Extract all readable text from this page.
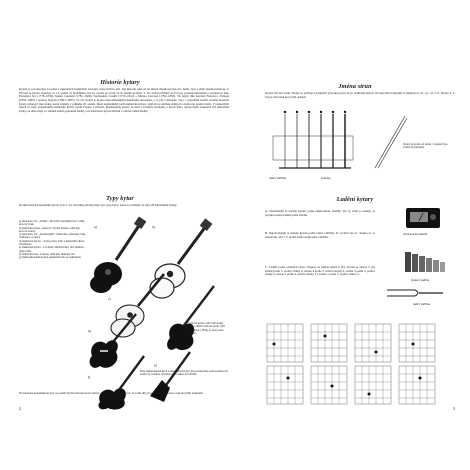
Historie kytary
Kytara je považována za jeden z nejstarších hudebních nástrojů, které lidstvo zná. Její historie sahá až do dávné minulosti přes tzv. lutnu, lyru a další strunné nástroje. V Evropě se kytara objevuje ve 13. století ve Španělsku. Od 16. století se vyvíjí až do dnešní podoby. V 19. století přichází do Evropy proslulí skladatelé a virtuózové jako Fernando Sor (1778–1839), Mauro Giuliani (1781–1829), Ferdinando Carulli (1770–1841) a Matteo Carcassi (1792–1853). Na jejich díla navázal Francisco Tárrega (1852–1909) a Andrés Segovia (1893–1987). Ve 20. století je kytara nejrozšířenějším hudebním nástrojem, a to jak v klasické, tak i v populární hudbě. Kromě klasické kytary existují i jiné druhy, které vznikly v průběhu 20. století. Mezi nejznámější patří elektrická kytara, jejíž tón je snímán snímači a zesilován zesilovačem. V padesátých letech se staly populárními elektrické kytary firem Fender a Gibson. Rozlišujeme kytary se šesti i dvanácti strunami, s kovovými i nylonovými strunami. Na elektrické kytary se dnes hraje ve většině žánrů populární hudby a na klasickou kytaru hlavně v oblasti vážné hudby.
Typy kytar
Kromě klasické španělské kytary (viz 2. str. obrázku) existují dnes tyto typy kytar, které se rozlišují od sebe 28 základními znaky:
a) akustická, tzv. „Jumbo". Má větší a kulatější tvar a silný kovový zvuk.
b) akustická kytara „folková". Kratší strunu a užší krk, kovové struny.
c) akustická, tzv. „dreadnought". Velké tělo, průrazný zvuk, oblíbená v country.
d) elektrická kytara – Stratocaster. Tělo z masivního dřeva, tři snímače.
e) elektrická kytara – Les Paul. Masivní tělo, dva snímače, teplý zvuk.
f) elektrická basa. 4 struny, delší krk, hluboký tón.
g) elektroakustická kytara. Akustické tělo se snímačem.
a)	b)
c)
d)
g)
f)
E) basová kytara. Má čtyři struny laděné o oktávu níž než první čtyři struny kytary. Hraje se prsty nebo trsátkem.
Brzy elektroakustických a elektrických kytar jsou zesilovány zesilovačem (viz strana 3) a mohou vytvářet řadu zvukových efektů.
Na klasické španělské kytary se používají hlavně nylonové struny, na ostatní struny kovové. Úvodní díly jsou psány pro kytaru s nylonovými strunami.
2
Jména strun
Kytara má šest strun. Struny se počítají od nejtenčí (vysoké) první až po nejtlustší šestou. Od nejvyšší k nejnižší se jmenují e1, h1, g1, d1, a, E. Struny 4, 5, 6 jsou obtočené kovovým drátem.
Struny na kytaře od struny 1 (nejtenčí) po strunu 6 (nejtlustší).
ladicí vidlička	kobylka
Ladění kytary
A. Nejsnadněji je naladit kytaru podle elektronické ladičky. Pro ty, kteří ji nemají, je popsán postup ladění podle sluchu.
B. Nejobvyklejší je naladit kytaru podle ladicí vidličky. Ta vydává tón a1. Struna e1 se naladí tak, aby v 5. pražci zněla stejně jako vidlička.
C. Ladění podle ostatních strun. Nejprve se naladí struna 6 (E). Potom se struna 5 (A) naladí podle 5. pražce struny 6, struna 4 podle 5. pražce struny 5, struna 3 podle 5. pražce struny 4, struna 2 podle 4. pražce struny 3 a struna 1 podle 5. pražce struny 2.
elektronická ladička
foukací ladička
ladicí vidlička
3
